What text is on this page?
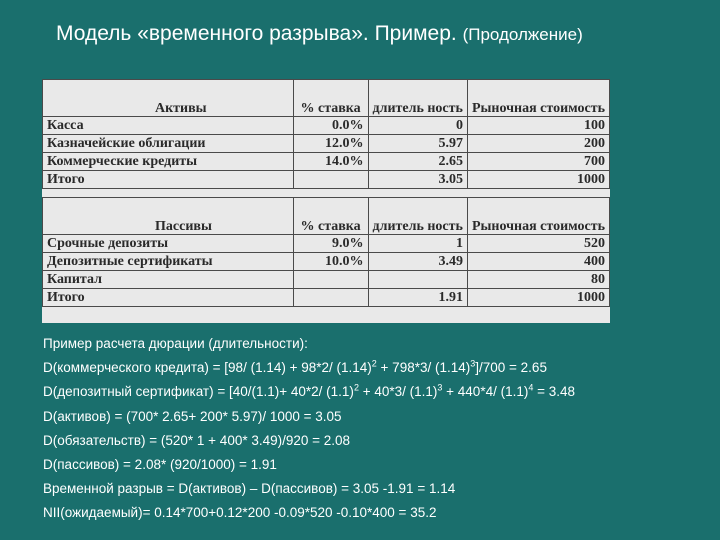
Модель «временного разрыва». Пример. (Продолжение)
Активы	% ставка	длитель ность	Рыночная стоимость
Касса	0.0%	0	100
Казначейские облигации	12.0%	5.97	200
Коммерческие кредиты	14.0%	2.65	700
Итого		3.05	1000

Пассивы	% ставка	длитель ность	Рыночная стоимость
Срочные депозиты	9.0%	1	520
Депозитные сертификаты	10.0%	3.49	400
Капитал			80
Итого		1.91	1000
Пример расчета дюрации (длительности):
D(коммерческого кредита) = [98/ (1.14) + 98*2/ $(1.14)^2 + 798*3/$ $(1.14)^3]/700 = 2.65$
D(депозитный сертификат) = [40/(1.1)+ 40*2/ $(1.1)^2 + 40*3/$ $(1.1)^3 + 440*4/$ $(1.1)^4 = 3.48$
D(активов) = (700* 2.65+ 200* 5.97)/ 1000 = 3.05
D(обязательств) = (520* 1 + 400* 3.49)/920 = 2.08
D(пассивов) = 2.08* (920/1000) = 1.91
Временной разрыв = D(активов) – D(пассивов) = 3.05 -1.91 = 1.14
NII(ожидаемый)= 0.14*700+0.12*200 -0.09*520 -0.10*400 = 35.2
